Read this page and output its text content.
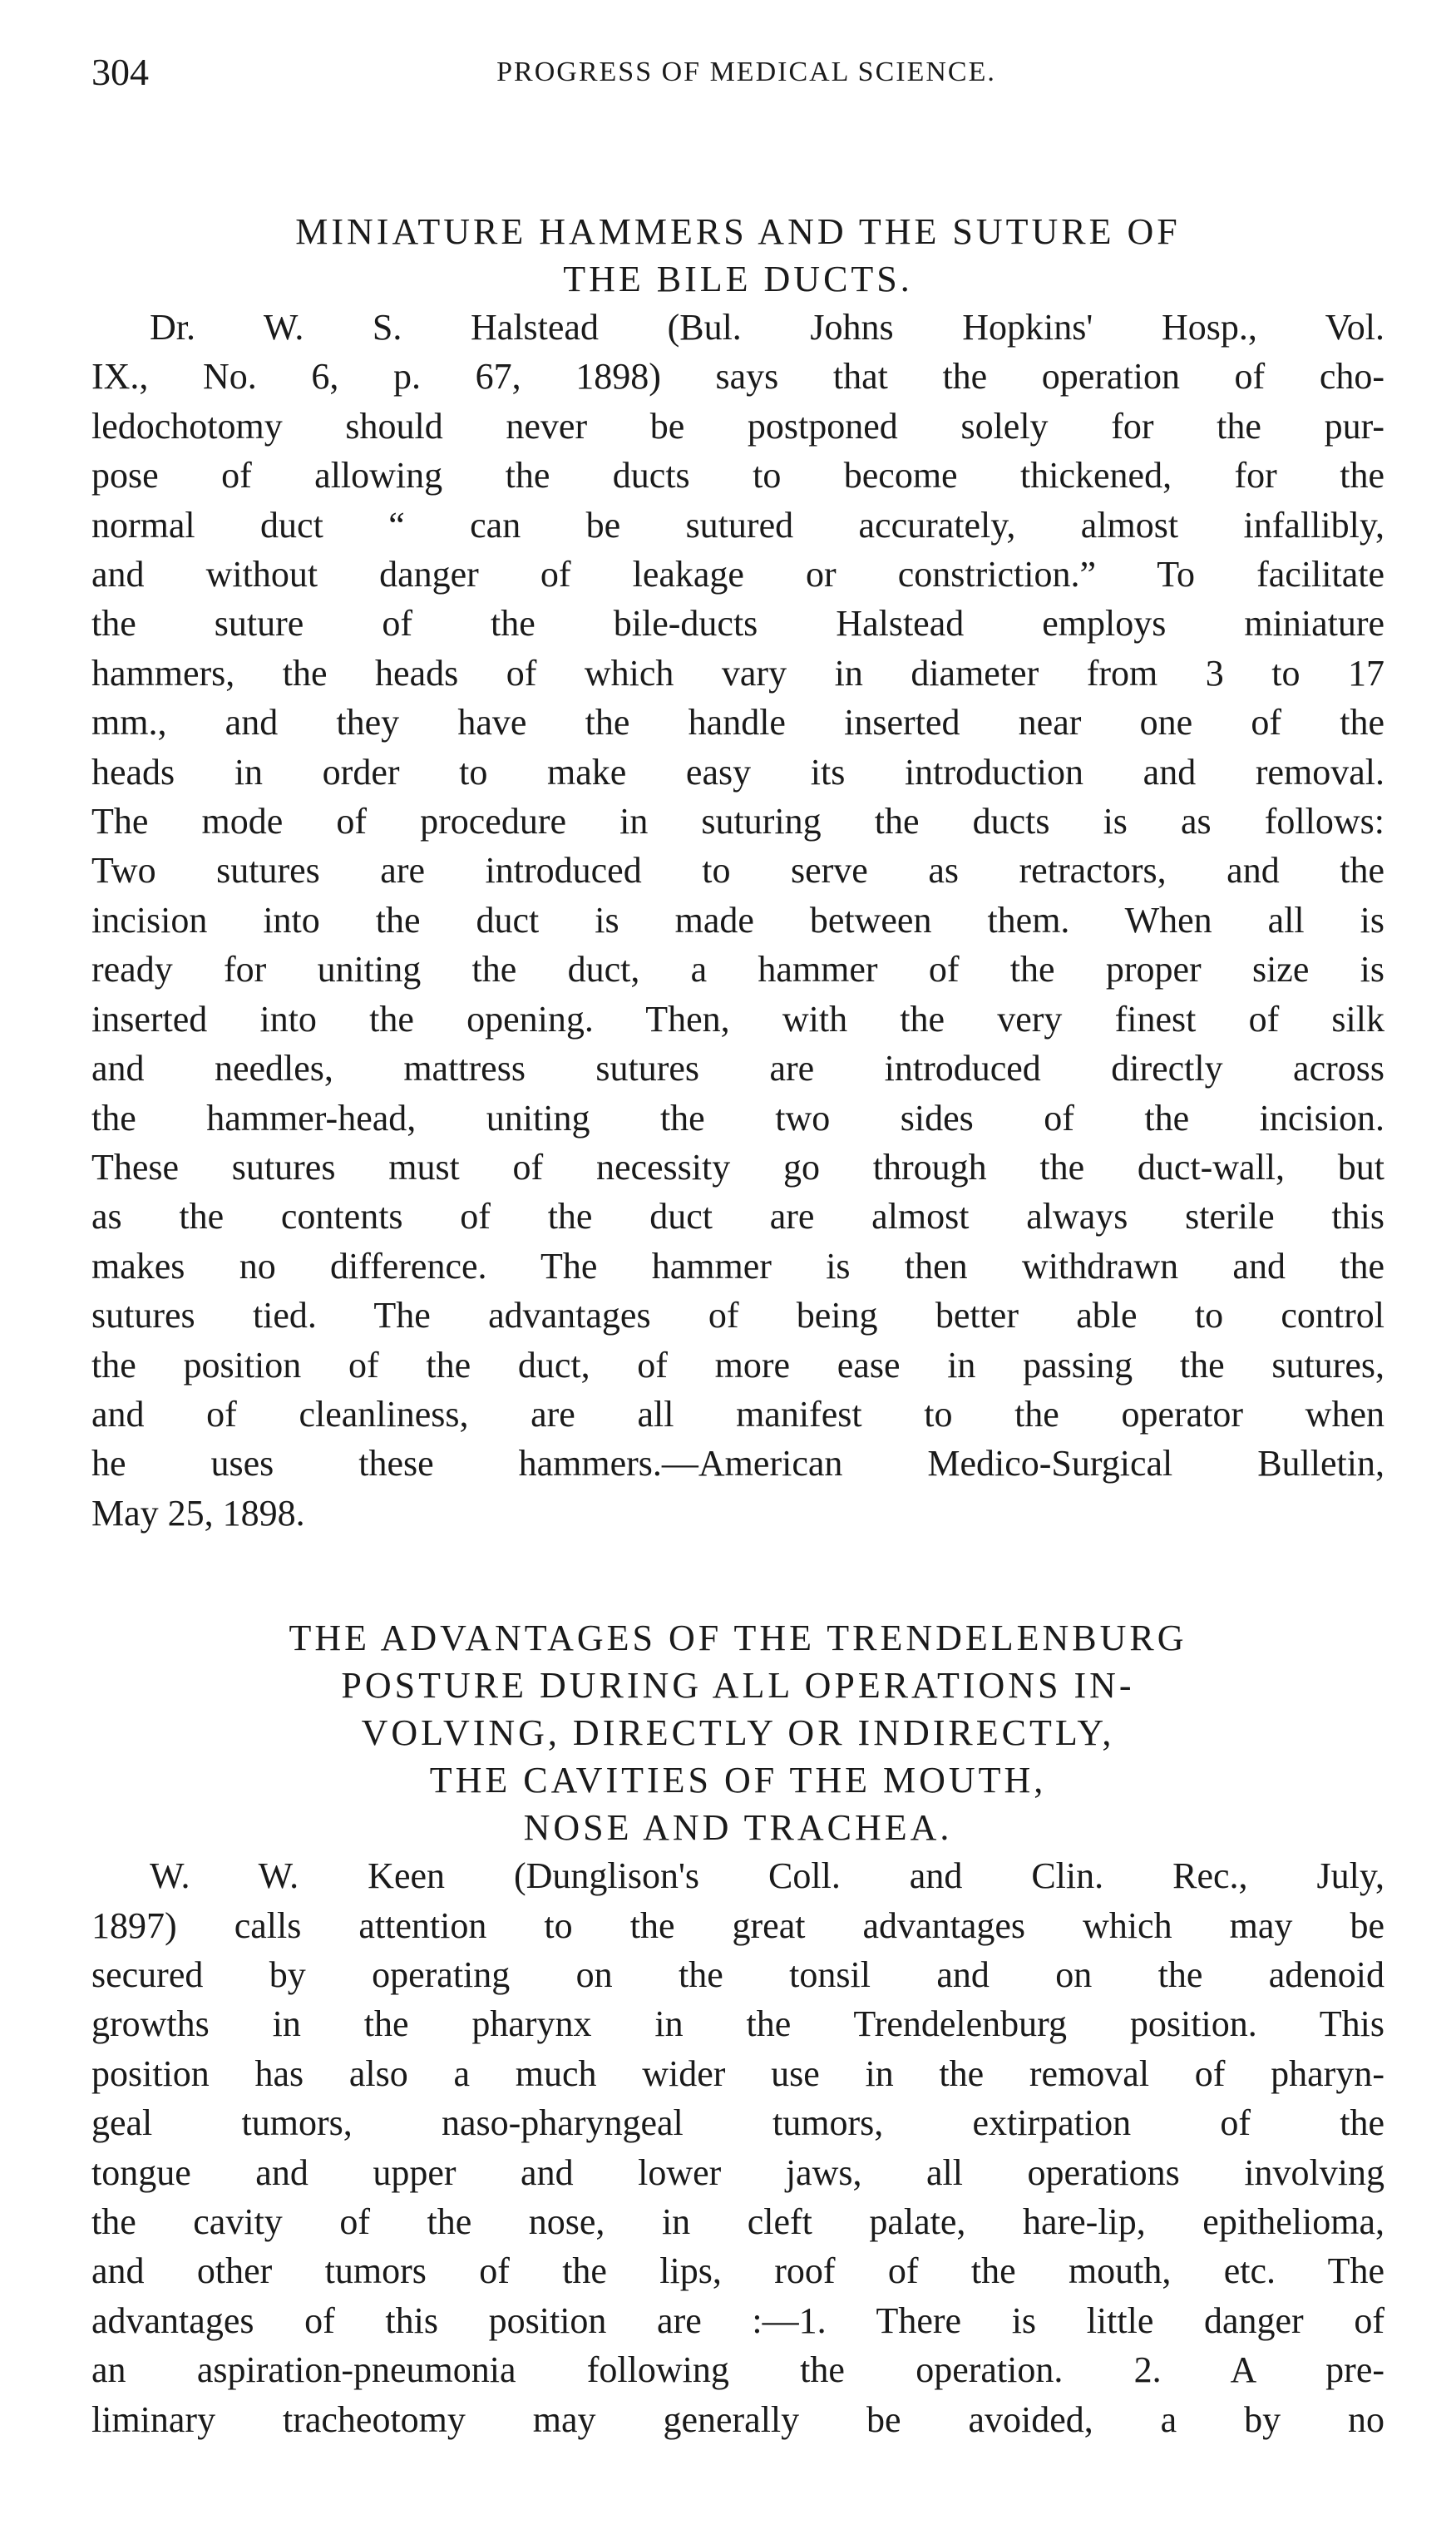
304	PROGRESS OF MEDICAL SCIENCE.
MINIATURE HAMMERS AND THE SUTURE OF
THE BILE DUCTS.

Dr. W. S. Halstead (Bul. Johns Hopkins' Hosp., Vol.
IX., No. 6, p. 67, 1898) says that the operation of cho-
ledochotomy should never be postponed solely for the pur-
pose of allowing the ducts to become thickened, for the
normal duct “ can be sutured accurately, almost infallibly,
and without danger of leakage or constriction.” To facilitate
the suture of the bile-ducts Halstead employs miniature
hammers, the heads of which vary in diameter from 3 to 17
mm., and they have the handle inserted near one of the
heads in order to make easy its introduction and removal.
The mode of procedure in suturing the ducts is as follows:
Two sutures are introduced to serve as retractors, and the
incision into the duct is made between them. When all is
ready for uniting the duct, a hammer of the proper size is
inserted into the opening. Then, with the very finest of silk
and needles, mattress sutures are introduced directly across
the hammer-head, uniting the two sides of the incision.
These sutures must of necessity go through the duct-wall, but
as the contents of the duct are almost always sterile this
makes no difference. The hammer is then withdrawn and the
sutures tied. The advantages of being better able to control
the position of the duct, of more ease in passing the sutures,
and of cleanliness, are all manifest to the operator when
he uses these hammers.—American Medico-Surgical Bulletin,
May 25, 1898.

THE ADVANTAGES OF THE TRENDELENBURG
POSTURE DURING ALL OPERATIONS IN-
VOLVING, DIRECTLY OR INDIRECTLY,
THE CAVITIES OF THE MOUTH,
NOSE AND TRACHEA.

W. W. Keen (Dunglison's Coll. and Clin. Rec., July,
1897) calls attention to the great advantages which may be
secured by operating on the tonsil and on the adenoid
growths in the pharynx in the Trendelenburg position. This
position has also a much wider use in the removal of pharyn-
geal tumors, naso-pharyngeal tumors, extirpation of the
tongue and upper and lower jaws, all operations involving
the cavity of the nose, in cleft palate, hare-lip, epithelioma,
and other tumors of the lips, roof of the mouth, etc. The
advantages of this position are :—1. There is little danger of
an aspiration-pneumonia following the operation. 2. A pre-
liminary tracheotomy may generally be avoided, a by no
